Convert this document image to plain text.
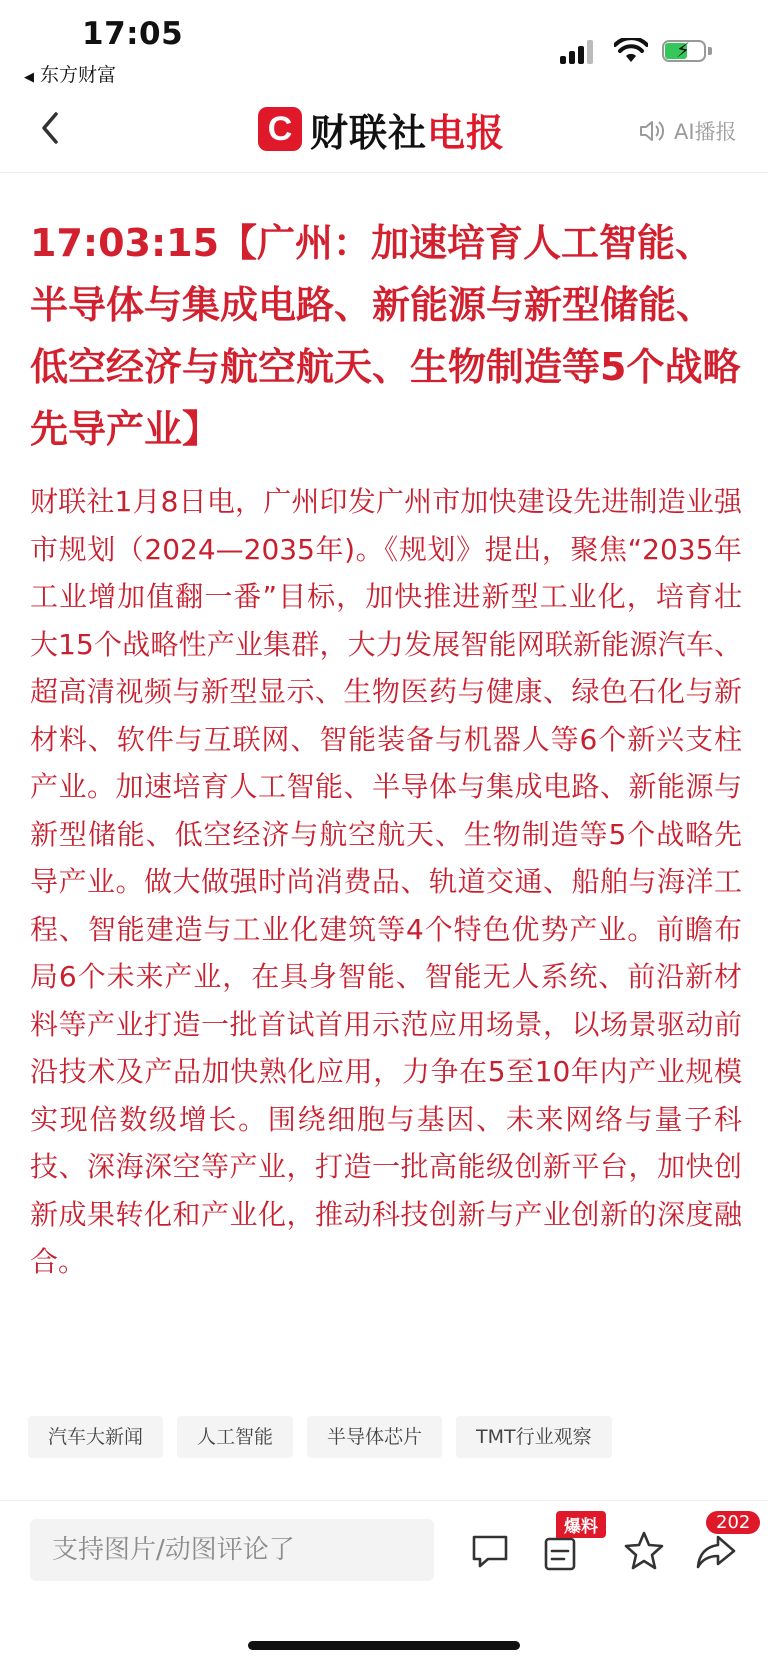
17:05
◀ 东方财富
⚡
C 财联社 电报	AI播报
17:03:15【广州：加速培育人工智能、半导体与集成电路、新能源与新型储能、低空经济与航空航天、生物制造等5个战略先导产业】

财联社1月8日电，广州印发广州市加快建设先进制造业强市规划（2024—2035年)。《规划》提出，聚焦“2035年工业增加值翻一番”目标，加快推进新型工业化，培育壮大15个战略性产业集群，大力发展智能网联新能源汽车、超高清视频与新型显示、生物医药与健康、绿色石化与新材料、软件与互联网、智能装备与机器人等6个新兴支柱产业。加速培育人工智能、半导体与集成电路、新能源与新型储能、低空经济与航空航天、生物制造等5个战略先导产业。做大做强时尚消费品、轨道交通、船舶与海洋工程、智能建造与工业化建筑等4个特色优势产业。前瞻布局6个未来产业，在具身智能、智能无人系统、前沿新材料等产业打造一批首试首用示范应用场景，以场景驱动前沿技术及产品加快熟化应用，力争在5至10年内产业规模实现倍数级增长。围绕细胞与基因、未来网络与量子科技、深海深空等产业，打造一批高能级创新平台，加快创新成果转化和产业化，推动科技创新与产业创新的深度融合。

汽车大新闻	人工智能	半导体芯片	TMT行业观察
支持图片/动图评论了
爆料	202
